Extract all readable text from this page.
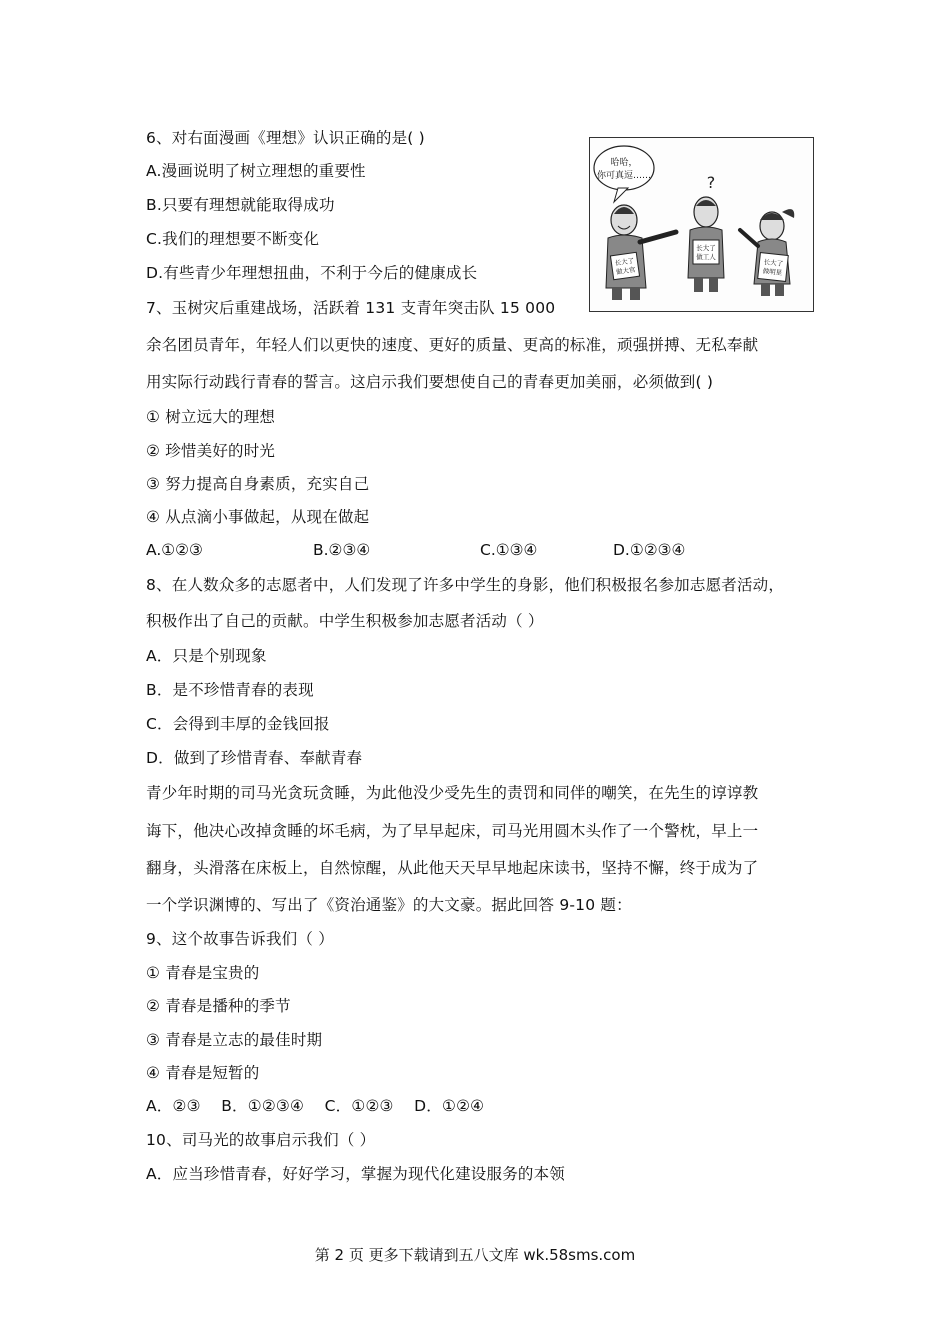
6、对右面漫画《理想》认识正确的是( )
A.漫画说明了树立理想的重要性
B.只要有理想就能取得成功
C.我们的理想要不断变化
D.有些青少年理想扭曲，不利于今后的健康成长
哈哈，
你可真逗……
长大了
做大官
?
长大了
做工人
长大了
做明星
7、玉树灾后重建战场，活跃着 131 支青年突击队 15 000
余名团员青年，年轻人们以更快的速度、更好的质量、更高的标准，顽强拼搏、无私奉献
用实际行动践行青春的誓言。这启示我们要想使自己的青春更加美丽，必须做到( )
① 树立远大的理想
② 珍惜美好的时光
③ 努力提高自身素质，充实自己
④ 从点滴小事做起，从现在做起
A.①②③	B.②③④	C.①③④	D.①②③④
8、在人数众多的志愿者中，人们发现了许多中学生的身影，他们积极报名参加志愿者活动，
积极作出了自己的贡献。中学生积极参加志愿者活动（ ）
A．只是个别现象
B．是不珍惜青春的表现
C．会得到丰厚的金钱回报
D．做到了珍惜青春、奉献青春
青少年时期的司马光贪玩贪睡，为此他没少受先生的责罚和同伴的嘲笑，在先生的谆谆教
诲下，他决心改掉贪睡的坏毛病，为了早早起床，司马光用圆木头作了一个警枕，早上一
翻身，头滑落在床板上，自然惊醒，从此他天天早早地起床读书，坚持不懈，终于成为了
一个学识渊博的、写出了《资治通鉴》的大文豪。据此回答 9-10 题：
9、这个故事告诉我们（ ）
① 青春是宝贵的
② 青春是播种的季节
③ 青春是立志的最佳时期
④ 青春是短暂的
A．②③    B．①②③④    C．①②③    D．①②④
10、司马光的故事启示我们（ ）
A．应当珍惜青春，好好学习，掌握为现代化建设服务的本领
第 2 页 更多下载请到五八文库 wk.58sms.com
